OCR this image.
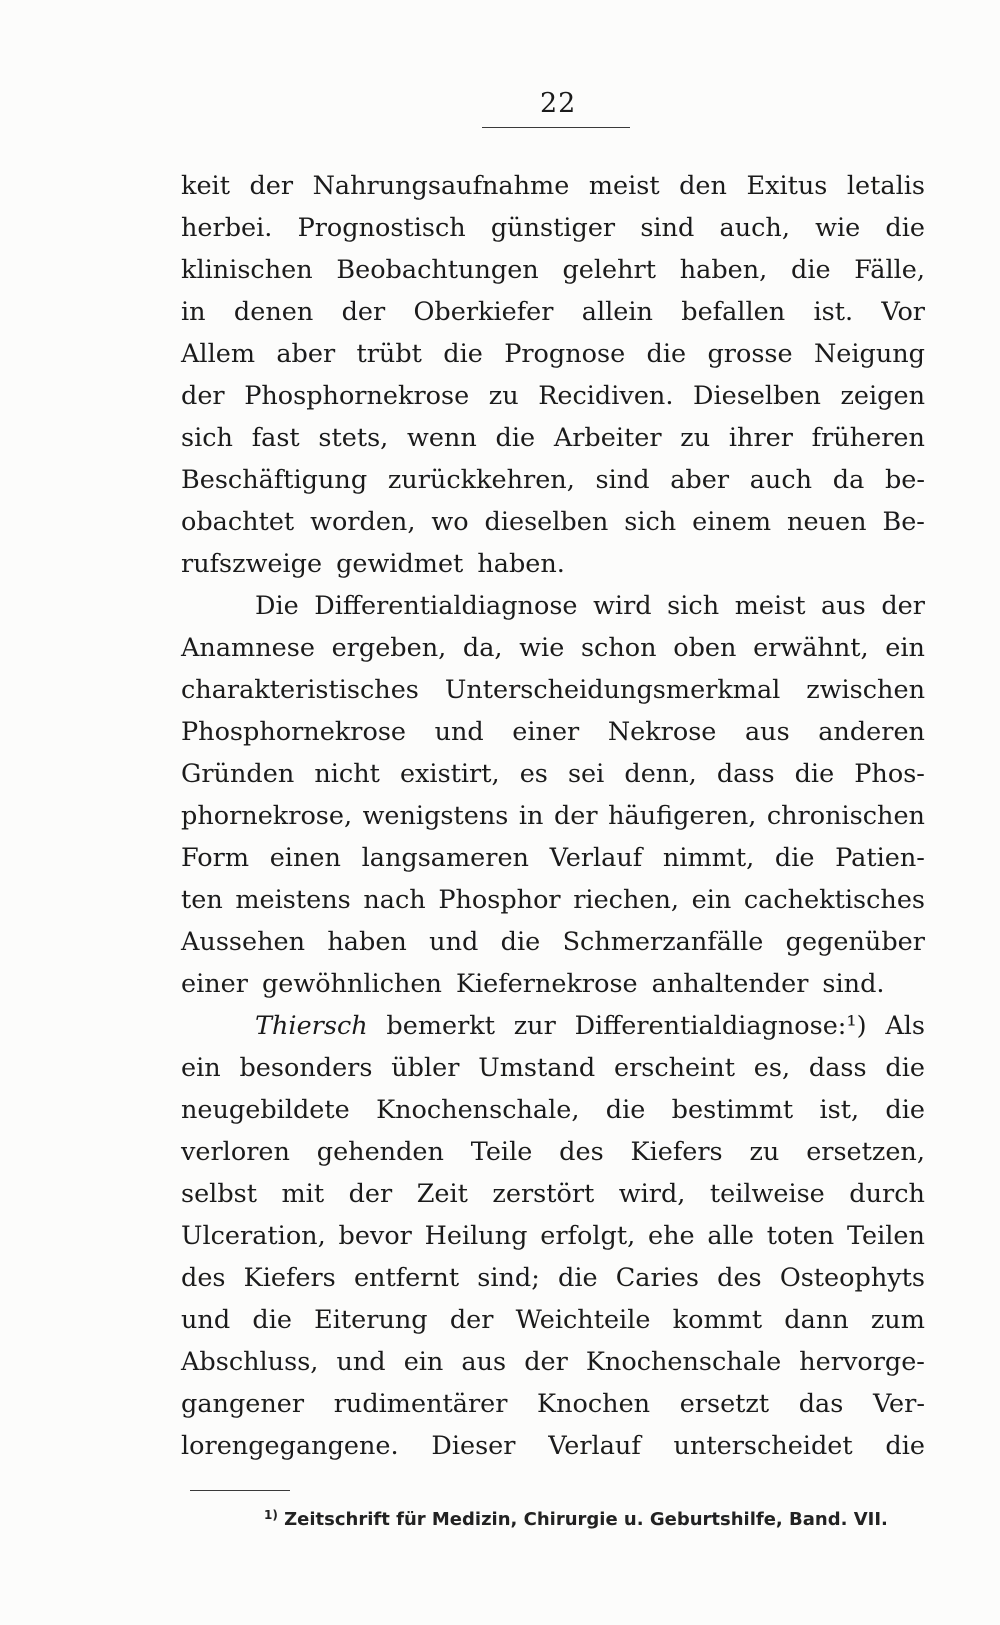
22
keit der Nahrungsaufnahme meist den Exitus letalis
herbei. Prognostisch günstiger sind auch, wie die
klinischen Beobachtungen gelehrt haben, die Fälle,
in denen der Oberkiefer allein befallen ist. Vor
Allem aber trübt die Prognose die grosse Neigung
der Phosphornekrose zu Recidiven. Dieselben zeigen
sich fast stets, wenn die Arbeiter zu ihrer früheren
Beschäftigung zurückkehren, sind aber auch da be-
obachtet worden, wo dieselben sich einem neuen Be-
rufszweige gewidmet haben.
Die Differentialdiagnose wird sich meist aus der
Anamnese ergeben, da, wie schon oben erwähnt, ein
charakteristisches Unterscheidungsmerkmal zwischen
Phosphornekrose und einer Nekrose aus anderen
Gründen nicht existirt, es sei denn, dass die Phos-
phornekrose, wenigstens in der häufigeren, chronischen
Form einen langsameren Verlauf nimmt, die Patien-
ten meistens nach Phosphor riechen, ein cachektisches
Aussehen haben und die Schmerzanfälle gegenüber
einer gewöhnlichen Kiefernekrose anhaltender sind.
Thiersch bemerkt zur Differentialdiagnose:¹) Als
ein besonders übler Umstand erscheint es, dass die
neugebildete Knochenschale, die bestimmt ist, die
verloren gehenden Teile des Kiefers zu ersetzen,
selbst mit der Zeit zerstört wird, teilweise durch
Ulceration, bevor Heilung erfolgt, ehe alle toten Teilen
des Kiefers entfernt sind; die Caries des Osteophyts
und die Eiterung der Weichteile kommt dann zum
Abschluss, und ein aus der Knochenschale hervorge-
gangener rudimentärer Knochen ersetzt das Ver-
lorengegangene. Dieser Verlauf unterscheidet die
$^{1)}$ Zeitschrift für Medizin, Chirurgie u. Geburtshilfe, Band. VII.
